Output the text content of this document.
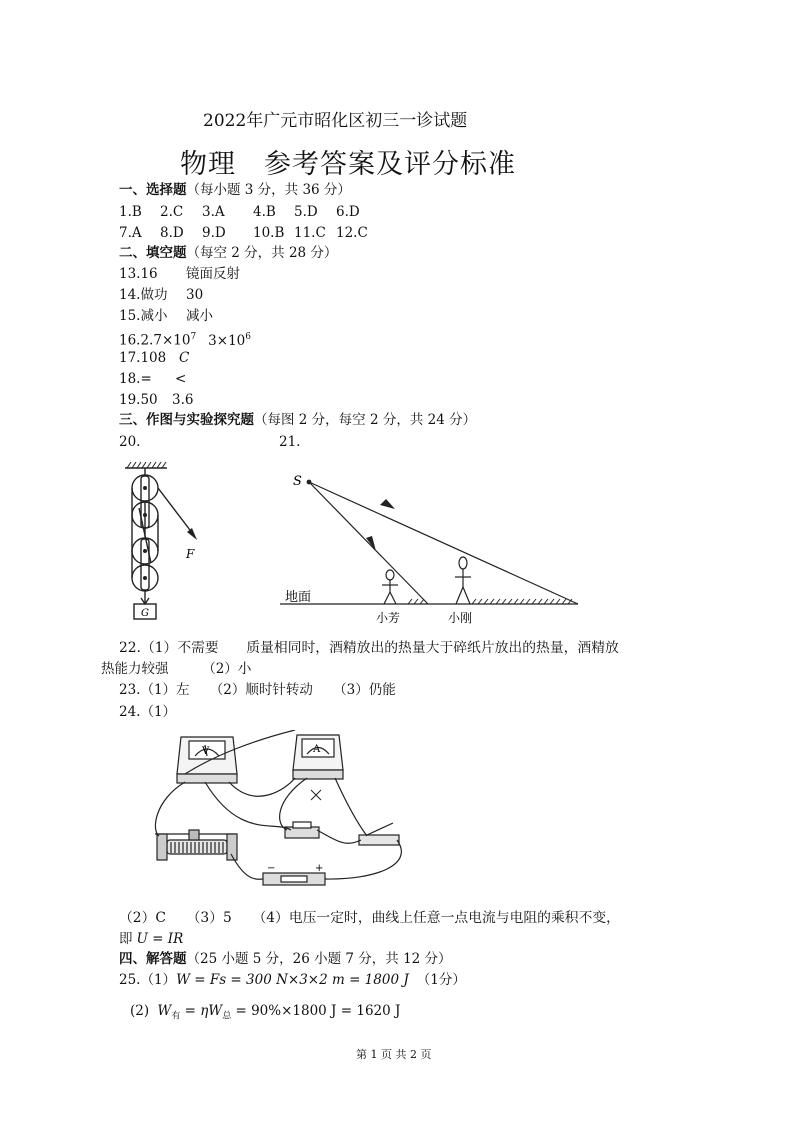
2022年广元市昭化区初三一诊试题
物理　参考答案及评分标准
一、选择题（每小题 3 分，共 36 分）
1.B 2.C 3.A 4.B 5.D 6.D
7.A 8.D 9.D 10.B 11.C 12.C
二、填空题（每空 2 分，共 28 分）
13.16 镜面反射
14.做功 30
15.减小 减小
$16.2.7\times 10^7$ $3\times 10^6$
17.108 C
18.= <
19.50 3.6
三、作图与实验探究题（每图 2 分，每空 2 分，共 24 分）
20.	21.
F
G
S
地面
小芳	小刚
22.（1）不需要　　质量相同时，酒精放出的热量大于碎纸片放出的热量，酒精放
热能力较强　　　（2）小
23.（1）左　　（2）顺时针转动　　（3）仍能
24.（1）
V	A
−	+
（2）C　　（3）5　　（4）电压一定时，曲线上任意一点电流与电阻的乘积不变，
即 U = IR
四、解答题（25 小题 5 分，26 小题 7 分，共 12 分）
25.（1）W = Fs = 300 N×3×2 m = 1800 J （1分）
(2) $W_有 = \eta W_总 = 90\%\times 1800$ J = 1620 J
第 1 页 共 2 页
